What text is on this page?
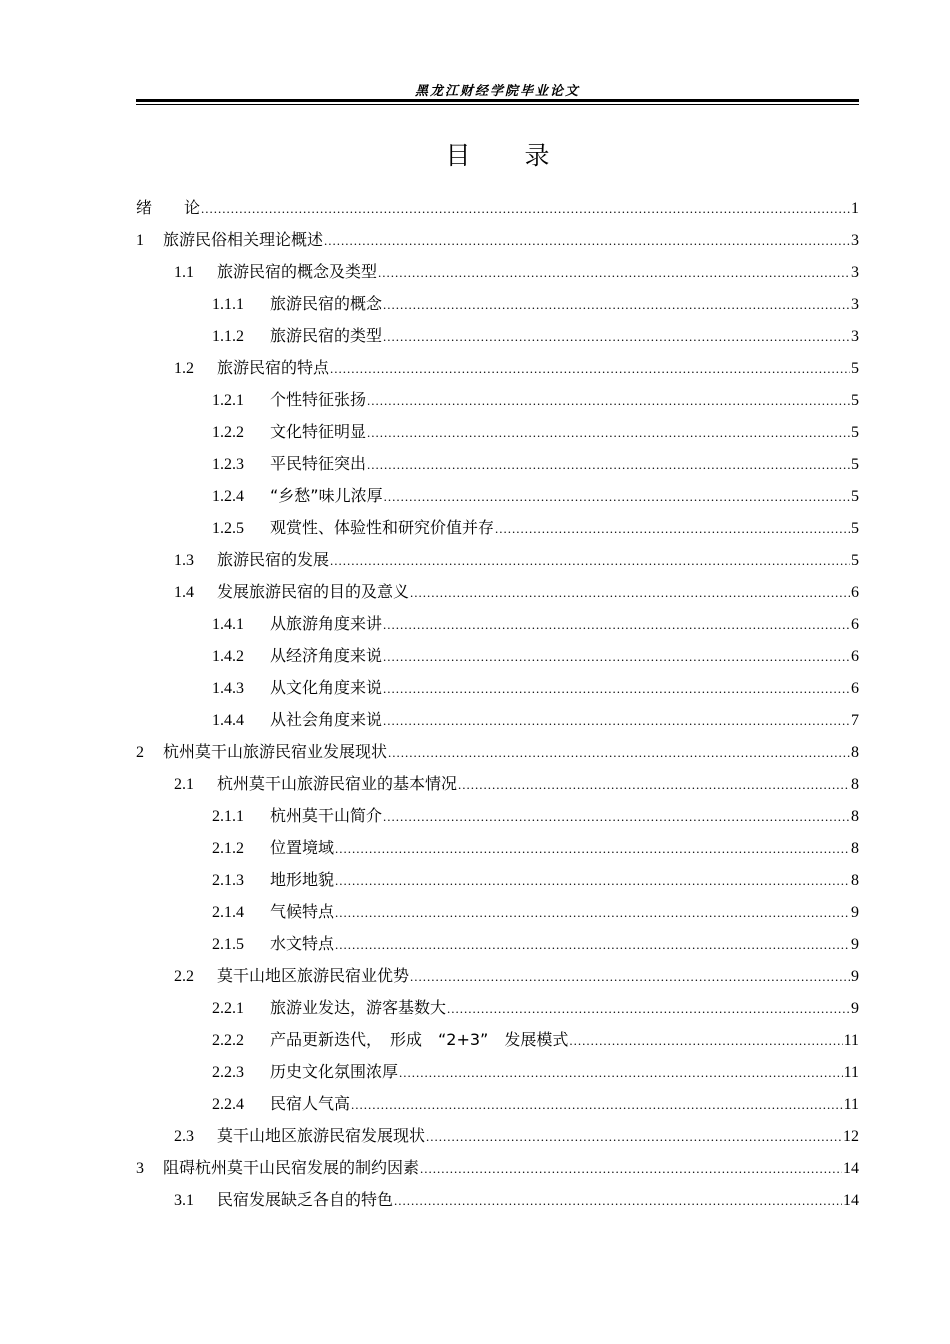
黑龙江财经学院毕业论文
目 录
绪　　论 .....	1
1	旅游民俗相关理论概述 .....	3
1.1	旅游民宿的概念及类型 .....	3
1.1.1	旅游民宿的概念 .....	3
1.1.2	旅游民宿的类型 .....	3
1.2	旅游民宿的特点 .....	5
1.2.1	个性特征张扬 .....	5
1.2.2	文化特征明显 .....	5
1.2.3	平民特征突出 .....	5
1.2.4	“乡愁”味儿浓厚 .....	5
1.2.5	观赏性、体验性和研究价值并存 .....	5
1.3	旅游民宿的发展 .....	5
1.4	发展旅游民宿的目的及意义 .....	6
1.4.1	从旅游角度来讲 .....	6
1.4.2	从经济角度来说 .....	6
1.4.3	从文化角度来说 .....	6
1.4.4	从社会角度来说 .....	7
2	杭州莫干山旅游民宿业发展现状 .....	8
2.1	杭州莫干山旅游民宿业的基本情况 .....	8
2.1.1	杭州莫干山简介 .....	8
2.1.2	位置境域 .....	8
2.1.3	地形地貌 .....	8
2.1.4	气候特点 .....	9
2.1.5	水文特点 .....	9
2.2	莫干山地区旅游民宿业优势 .....	9
2.2.1	旅游业发达，游客基数大 .....	9
2.2.2	产品更新迭代，　形成　“2+3”　发展模式 .....	11
2.2.3	历史文化氛围浓厚 .....	11
2.2.4	民宿人气高 .....	11
2.3	莫干山地区旅游民宿发展现状 .....	12
3	阻碍杭州莫干山民宿发展的制约因素 .....	14
3.1	民宿发展缺乏各自的特色 .....	14
